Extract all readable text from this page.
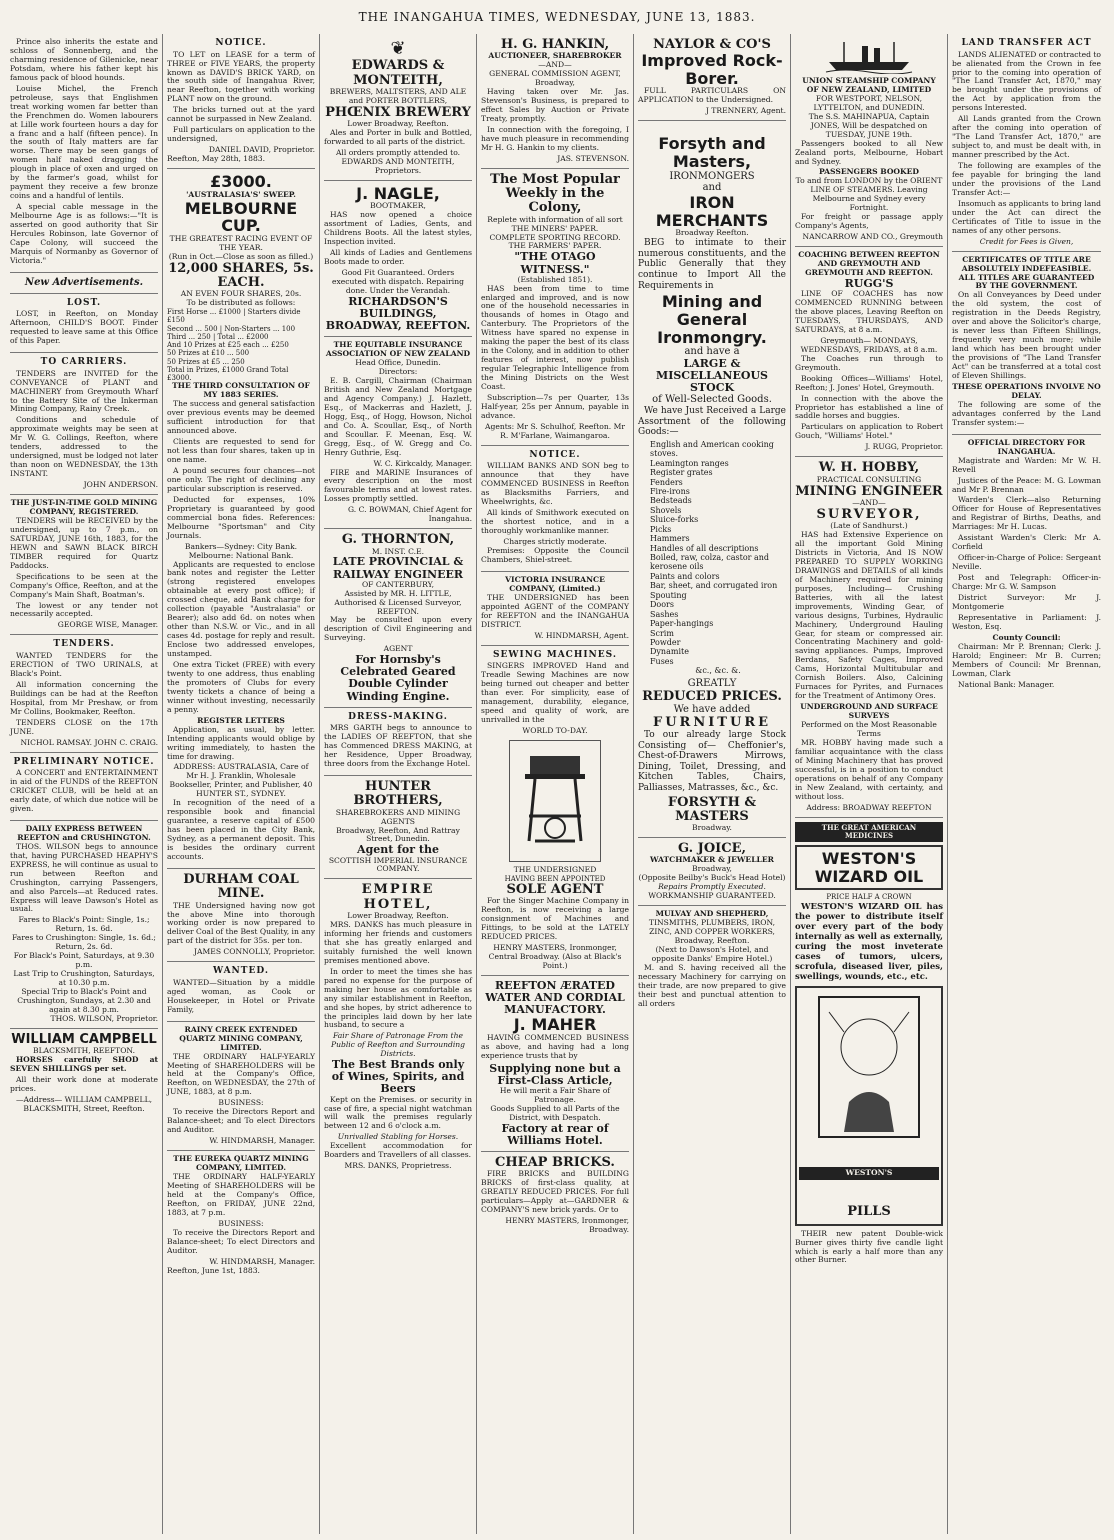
THE INANGAHUA TIMES, WEDNESDAY, JUNE 13, 1883.

Prince also inherits the estate and schloss of Sonnenberg, and the charming residence of Gilenicke, near Potsdam, where his father kept his famous pack of blood hounds.

Louise Michel, the French petroleuse, says that Englishmen treat working women far better than the Frenchmen do. Women labourers at Lille work fourteen hours a day for a franc and a half (fifteen pence). In the south of Italy matters are far worse. There may be seen gangs of women half naked dragging the plough in place of oxen and urged on by the farmer's goad, whilst for payment they receive a few bronze coins and a handful of lentils.

A special cable message in the Melbourne Age is as follows:—"It is asserted on good authority that Sir Hercules Robinson, late Governor of Cape Colony, will succeed the Marquis of Normanby as Governor of Victoria."

New Advertisements.
LOST.

LOST, in Reefton, on Monday Afternoon, CHILD'S BOOT. Finder requested to leave same at this Office of this Paper.

TO CARRIERS.

TENDERS are INVITED for the CONVEYANCE of PLANT and MACHINERY from Greymouth Wharf to the Battery Site of the Inkerman Mining Company, Rainy Creek.

Conditions and schedule of approximate weights may be seen at Mr W. G. Collings, Reefton, where tenders, addressed to the undersigned, must be lodged not later than noon on WEDNESDAY, the 13th INSTANT.

JOHN ANDERSON.
THE JUST-IN-TIME GOLD MINING COMPANY, REGISTERED.

TENDERS will be RECEIVED by the undersigned, up to 7 p.m., on SATURDAY, JUNE 16th, 1883, for the HEWN and SAWN BLACK BIRCH TIMBER required for Quartz Paddocks.

Specifications to be seen at the Company's Office, Reefton, and at the Company's Main Shaft, Boatman's.

The lowest or any tender not necessarily accepted.

GEORGE WISE, Manager.
TENDERS.

WANTED TENDERS for the ERECTION of TWO URINALS, at Black's Point.

All information concerning the Buildings can be had at the Reefton Hospital, from Mr Preshaw, or from Mr Collins, Bookmaker, Reefton.

TENDERS CLOSE on the 17th JUNE.

NICHOL RAMSAY. JOHN C. CRAIG.
PRELIMINARY NOTICE.

A CONCERT and ENTERTAINMENT in aid of the FUNDS of the REEFTON CRICKET CLUB, will be held at an early date, of which due notice will be given.

DAILY EXPRESS BETWEEN REEFTON and CRUSHINGTON.

THOS. WILSON begs to announce that, having PURCHASED HEAPHY'S EXPRESS, he will continue as usual to run between Reefton and Crushington, carrying Passengers, and also Parcels—at Reduced rates. Express will leave Dawson's Hotel as usual.

Fares to Black's Point: Single, 1s.; Return, 1s. 6d.
Fares to Crushington: Single, 1s. 6d.; Return, 2s. 6d.
For Black's Point, Saturdays, at 9.30 p.m.
Last Trip to Crushington, Saturdays, at 10.30 p.m.
Special Trip to Black's Point and Crushington, Sundays, at 2.30 and again at 8.30 p.m.
THOS. WILSON, Proprietor.
WILLIAM CAMPBELL
BLACKSMITH, REEFTON.

HORSES carefully SHOD at SEVEN SHILLINGS per set.

All their work done at moderate prices.

—Address— WILLIAM CAMPBELL, BLACKSMITH, Street, Reefton.
NOTICE.

TO LET on LEASE for a term of THREE or FIVE YEARS, the property known as DAVID'S BRICK YARD, on the south side of Inangahua River, near Reefton, together with working PLANT now on the ground.

The bricks turned out at the yard cannot be surpassed in New Zealand.

Full particulars on application to the undersigned,

DANIEL DAVID, Proprietor.
Reefton, May 28th, 1883.
£3000.
'AUSTRALASIA'S' SWEEP.
MELBOURNE CUP.
THE GREATEST RACING EVENT OF THE YEAR.
(Run in Oct.—Close as soon as filled.)
12,000 SHARES, 5s. EACH.
AN EVEN FOUR SHARES, 20s.
To be distributed as follows:
First Horse ... £1000 | Starters divide £150
Second ... 500 | Non-Starters ... 100
Third ... 250 | Total ... £2000
And 10 Prizes at £25 each ... £250
50 Prizes at £10 ... 500
50 Prizes at £5 ... 250
Total in Prizes, £1000 Grand Total £3000.
THE THIRD CONSULTATION OF MY 1883 SERIES.

The success and general satisfaction over previous events may be deemed sufficient introduction for that announced above.

Clients are requested to send for not less than four shares, taken up in one name.

A pound secures four chances—not one only. The right of declining any particular subscription is reserved.

Deducted for expenses, 10% Proprietary is guaranteed by good commercial bona fides. References: Melbourne "Sportsman" and City Journals.

Bankers—Sydney: City Bank. Melbourne: National Bank.

Applicants are requested to enclose bank notes and register the Letter (strong registered envelopes obtainable at every post office); if crossed cheque, add Bank charge for collection (payable "Australasia" or Bearer); also add 6d. on notes when other than N.S.W. or Vic., and in all cases 4d. postage for reply and result. Enclose two addressed envelopes, unstamped.

One extra Ticket (FREE) with every twenty to one address, thus enabling the promoters of Clubs for every twenty tickets a chance of being a winner without investing, necessarily a penny.

REGISTER LETTERS

Application, as usual, by letter. Intending applicants would oblige by writing immediately, to hasten the time for drawing.

ADDRESS: AUSTRALASIA, Care of Mr H. J. Franklin, Wholesale Bookseller, Printer, and Publisher, 40 HUNTER ST., SYDNEY.

In recognition of the need of a responsible book and financial guarantee, a reserve capital of £500 has been placed in the City Bank, Sydney, as a permanent deposit. This is besides the ordinary current accounts.

DURHAM COAL MINE.

THE Undersigned having now got the above Mine into thorough working order is now prepared to deliver Coal of the Best Quality, in any part of the district for 35s. per ton.

JAMES CONNOLLY, Proprietor.
WANTED.

WANTED—Situation by a middle aged woman, as Cook or Housekeeper, in Hotel or Private Family,

RAINY CREEK EXTENDED QUARTZ MINING COMPANY, LIMITED.

THE ORDINARY HALF-YEARLY Meeting of SHAREHOLDERS will be held at the Company's Office, Reefton, on WEDNESDAY, the 27th of JUNE, 1883, at 8 p.m.

BUSINESS:

To receive the Directors Report and Balance-sheet; and To elect Directors and Auditor.

W. HINDMARSH, Manager.
THE EUREKA QUARTZ MINING COMPANY, LIMITED.

THE ORDINARY HALF-YEARLY Meeting of SHAREHOLDERS will be held at the Company's Office, Reefton, on FRIDAY, JUNE 22nd, 1883, at 7 p.m.

BUSINESS:

To receive the Directors Report and Balance-sheet; To elect Directors and Auditor.

W. HINDMARSH, Manager.
Reefton, June 1st, 1883.
❦
EDWARDS & MONTEITH,
BREWERS, MALTSTERS, AND ALE and PORTER BOTTLERS,
PHŒNIX BREWERY
Lower Broadway, Reefton.

Ales and Porter in bulk and Bottled, forwarded to all parts of the district.

All orders promptly attended to.
EDWARDS AND MONTEITH, Proprietors.
J. NAGLE,
BOOTMAKER,

HAS now opened a choice assortment of Ladies, Gents, and Childrens Boots. All the latest styles, Inspection invited.

All kinds of Ladies and Gentlemens Boots made to order.

Good Fit Guaranteed. Orders executed with dispatch. Repairing done. Under the Verandah.
RICHARDSON'S BUILDINGS, BROADWAY, REEFTON.
THE EQUITABLE INSURANCE ASSOCIATION OF NEW ZEALAND
Head Office, Dunedin.
Directors:

E. B. Cargill, Chairman (Chairman British and New Zealand Mortgage and Agency Company.) J. Hazlett, Esq., of Mackerras and Hazlett, J. Hogg, Esq., of Hogg, Howson, Nichol and Co. A. Scoullar, Esq., of North and Scoullar. F. Meenan, Esq. W. Gregg, Esq., of W. Gregg and Co. Henry Guthrie, Esq.

W. C. Kirkcaldy, Manager.

FIRE and MARINE Insurances of every description on the most favourable terms and at lowest rates. Losses promptly settled.

G. C. BOWMAN, Chief Agent for Inangahua.
G. THORNTON,
M. INST. C.E.
LATE PROVINCIAL & RAILWAY ENGINEER
OF CANTERBURY,
Assisted by MR. H. LITTLE, Authorised & Licensed Surveyor, REEFTON.

May be consulted upon every description of Civil Engineering and Surveying.

AGENT
For Hornsby's Celebrated Geared Double Cylinder Winding Engine.
DRESS-MAKING.

MRS GARTH begs to announce to the LADIES OF REEFTON, that she has Commenced DRESS MAKING, at her Residence, Upper Broadway, three doors from the Exchange Hotel.

HUNTER BROTHERS,
SHAREBROKERS AND MINING AGENTS
Broadway, Reefton, And Rattray Street, Dunedin.
Agent for the
SCOTTISH IMPERIAL INSURANCE COMPANY.
EMPIRE HOTEL,
Lower Broadway, Reefton.

MRS. DANKS has much pleasure in informing her friends and customers that she has greatly enlarged and suitably furnished the well known premises mentioned above.

In order to meet the times she has pared no expense for the purpose of making her house as comfortable as any similar establishment in Reefton, and she hopes, by strict adherence to the principles laid down by her late husband, to secure a

Fair Share of Patronage From the Public of Reefton and Surrounding Districts.
The Best Brands only of Wines, Spirits, and Beers

Kept on the Premises. or security in case of fire, a special night watchman will walk the premises regularly between 12 and 6 o'clock a.m.

Unrivalled Stabling for Horses.

Excellent accommodation for Boarders and Travellers of all classes.

MRS. DANKS, Proprietress.
H. G. HANKIN,
AUCTIONEER, SHAREBROKER
—AND—
GENERAL COMMISSION AGENT,
Broadway,

Having taken over Mr. Jas. Stevenson's Business, is prepared to effect Sales by Auction or Private Treaty, promptly.

In connection with the foregoing, I have much pleasure in recommending Mr H. G. Hankin to my clients.

JAS. STEVENSON.
The Most Popular Weekly in the Colony,
Replete with information of all sort
THE MINERS' PAPER.
COMPLETE SPORTING RECORD.
THE FARMERS' PAPER.
"THE OTAGO WITNESS."
(Established 1851).

HAS been from time to time enlarged and improved, and is now one of the household necessaries in thousands of homes in Otago and Canterbury. The Proprietors of the Witness have spared no expense in making the paper the best of its class in the Colony, and in addition to other features of interest, now publish regular Telegraphic Intelligence from the Mining Districts on the West Coast.

Subscription—7s per Quarter, 13s Half-year, 25s per Annum, payable in advance.

Agents: Mr S. Schulhof, Reefton. Mr R. M'Farlane, Waimangaroa.
NOTICE.

WILLIAM BANKS AND SON beg to announce that they have COMMENCED BUSINESS in Reefton as Blacksmiths Farriers, and Wheelwrights, &c.

All kinds of Smithwork executed on the shortest notice, and in a thoroughly workmanlike manner.

Charges strictly moderate.

Premises: Opposite the Council Chambers, Shiel-street.

VICTORIA INSURANCE COMPANY, (Limited.)

THE UNDERSIGNED has been appointed AGENT of the COMPANY for REEFTON and the INANGAHUA DISTRICT.

W. HINDMARSH, Agent.
SEWING MACHINES.

SINGERS IMPROVED Hand and Treadle Sewing Machines are now being turned out cheaper and better than ever. For simplicity, ease of management, durability, elegance, speed and quality of work, are unrivalled in the

WORLD TO-DAY.
THE UNDERSIGNED
HAVING BEEN APPOINTED
SOLE AGENT

For the Singer Machine Company in Reefton, is now receiving a large consignment of Machines and Fittings, to be sold at the LATELY REDUCED PRICES.

HENRY MASTERS, Ironmonger, Central Broadway. (Also at Black's Point.)
REEFTON ÆRATED WATER AND CORDIAL MANUFACTORY.
J. MAHER

HAVING COMMENCED BUSINESS as above, and having had a long experience trusts that by

Supplying none but a First-Class Article,
He will merit a Fair Share of Patronage.
Goods Supplied to all Parts of the District, with Despatch.
Factory at rear of Williams Hotel.
CHEAP BRICKS.

FIRE BRICKS and BUILDING BRICKS of first-class quality, at GREATLY REDUCED PRICES. For full particulars—Apply at—GARDNER & COMPANY'S new brick yards. Or to

HENRY MASTERS, Ironmonger, Broadway.
NAYLOR & CO'S
Improved Rock-Borer.

FULL PARTICULARS ON APPLICATION to the Undersigned.

J TRENNERY, Agent.
Forsyth and Masters,
IRONMONGERS
and
IRON MERCHANTS
Broadway Reefton.

BEG to intimate to their numerous constituents, and the Public Generally that they continue to Import All the Requirements in

Mining and General Ironmongry.
and have a
LARGE & MISCELLANEOUS STOCK
of Well-Selected Goods.

We have Just Received a Large Assortment of the following Goods:—

English and American cooking stoves.
Leamington ranges
Register grates
Fenders
Fire-irons
Bedsteads
Shovels
Sluice-forks
Picks
Hammers
Handles of all descriptions
Boiled, raw, colza, castor and kerosene oils
Paints and colors
Bar, sheet, and corrugated iron
Spouting
Doors
Sashes
Paper-hangings
Scrim
Powder
Dynamite
Fuses
&c., &c. &.
GREATLY
REDUCED PRICES.
We have added
FURNITURE

To our already large Stock Consisting of— Cheffonier's, Chest-of-Drawers Mirrows, Dining, Toilet, Dressing, and Kitchen Tables, Chairs, Palliasses, Matrasses, &c., &c.

FORSYTH & MASTERS
Broadway.
G. JOICE,
WATCHMAKER & JEWELLER
Broadway,
(Opposite Beilby's Buck's Head Hotel)
Repairs Promptly Executed.
WORKMANSHIP GUARANTEED.
MULVAY AND SHEPHERD,
TINSMITHS, PLUMBERS, IRON, ZINC, AND COPPER WORKERS,
Broadway, Reefton.
(Next to Dawson's Hotel, and opposite Danks' Empire Hotel.)

M. and S. having received all the necessary Machinery for carrying on their trade, are now prepared to give their best and punctual attention to all orders

UNION STEAMSHIP COMPANY OF NEW ZEALAND, LIMITED
FOR WESTPORT, NELSON, LYTTELTON, and DUNEDIN.
The S.S. MAHINAPUA, Captain JONES, Will be despatched on TUESDAY, JUNE 19th.

Passengers booked to all New Zealand ports, Melbourne, Hobart and Sydney.

PASSENGERS BOOKED
To and from LONDON by the ORIENT LINE OF STEAMERS. Leaving Melbourne and Sydney every Fortnight.

For freight or passage apply Company's Agents,

NANCARROW AND CO., Greymouth
COACHING BETWEEN REEFTON AND GREYMOUTH AND GREYMOUTH AND REEFTON.
RUGG'S

LINE OF COACHES has now COMMENCED RUNNING between the above places, Leaving Reefton on TUESDAYS, THURSDAYS, AND SATURDAYS, at 8 a.m.

Greymouth— MONDAYS, WEDNESDAYS, FRIDAYS, at 8 a.m.

The Coaches run through to Greymouth.

Booking Offices—Williams' Hotel, Reefton; J. Jones' Hotel, Greymouth.

In connection with the above the Proprietor has established a line of saddle horses and buggies.

Particulars on application to Robert Gouch, "Williams' Hotel."

J. RUGG, Proprietor.
W. H. HOBBY,
PRACTICAL CONSULTING
MINING ENGINEER
—AND—
SURVEYOR,
(Late of Sandhurst.)

HAS had Extensive Experience on all the important Gold Mining Districts in Victoria, And IS NOW PREPARED TO SUPPLY WORKING DRAWINGS and DETAILS of all kinds of Machinery required for mining purposes, Including— Crushing Batteries, with all the latest improvements, Winding Gear, of various designs, Turbines, Hydraulic Machinery, Underground Hauling Gear, for steam or compressed air. Concentrating Machinery and gold-saving appliances. Pumps, Improved Berdans, Safety Cages, Improved Cams, Horizontal Multitubular and Cornish Boilers. Also, Calcining Furnaces for Pyrites, and Furnaces for the Treatment of Antimony Ores.

UNDERGROUND AND SURFACE SURVEYS
Performed on the Most Reasonable Terms

MR. HOBBY having made such a familiar acquaintance with the class of Mining Machinery that has proved successful, is in a position to conduct operations on behalf of any Company in New Zealand, with certainty, and without loss.

Address: BROADWAY REEFTON
THE GREAT AMERICAN MEDICINES
WESTON'S WIZARD OIL
PRICE HALF A CROWN

WESTON'S WIZARD OIL has the power to distribute itself over every part of the body internally as well as externally, curing the most inveterate cases of tumors, ulcers, scrofula, diseased liver, piles, swellings, wounds, etc., etc.

WESTON'S
PILLS

THEIR new patent Double-wick Burner gives thirty five candle light which is early a half more than any other Burner.

LAND TRANSFER ACT

LANDS ALIENATED or contracted to be alienated from the Crown in fee prior to the coming into operation of "The Land Transfer Act, 1870," may be brought under the provisions of the Act by application from the persons Interested.

All Lands granted from the Crown after the coming into operation of "The Land Transfer Act, 1870," are subject to, and must be dealt with, in manner prescribed by the Act.

The following are examples of the fee payable for bringing the land under the provisions of the Land Transfer Act:—

Insomuch as applicants to bring land under the Act can direct the Certificates of Title to issue in the names of any other persons.

Credit for Fees is Given,
CERTIFICATES OF TITLE ARE ABSOLUTELY INDEFEASIBLE.
ALL TITLES ARE GUARANTEED BY THE GOVERNMENT.

On all Conveyances by Deed under the old system, the cost of registration in the Deeds Registry, over and above the Solicitor's charge, is never less than Fifteen Shillings, frequently very much more; while land which has been brought under the provisions of "The Land Transfer Act" can be transferred at a total cost of Eleven Shillings.

THESE OPERATIONS INVOLVE NO DELAY.

The following are some of the advantages conferred by the Land Transfer system:—

OFFICIAL DIRECTORY FOR INANGAHUA.

Magistrate and Warden: Mr W. H. Revell

Justices of the Peace: M. G. Lowman and Mr P. Brennan

Warden's Clerk—also Returning Officer for House of Representatives and Registrar of Births, Deaths, and Marriages: Mr H. Lucas.

Assistant Warden's Clerk: Mr A. Corfield

Officer-in-Charge of Police: Sergeant Neville.

Post and Telegraph: Officer-in-Charge: Mr G. W. Sampson

District Surveyor: Mr J. Montgomerie

Representative in Parliament: J. Weston, Esq.

County Council:

Chairman: Mr P. Brennan; Clerk: J. Harold; Engineer: Mr B. Curren; Members of Council: Mr Brennan, Lowman, Clark

National Bank: Manager.
